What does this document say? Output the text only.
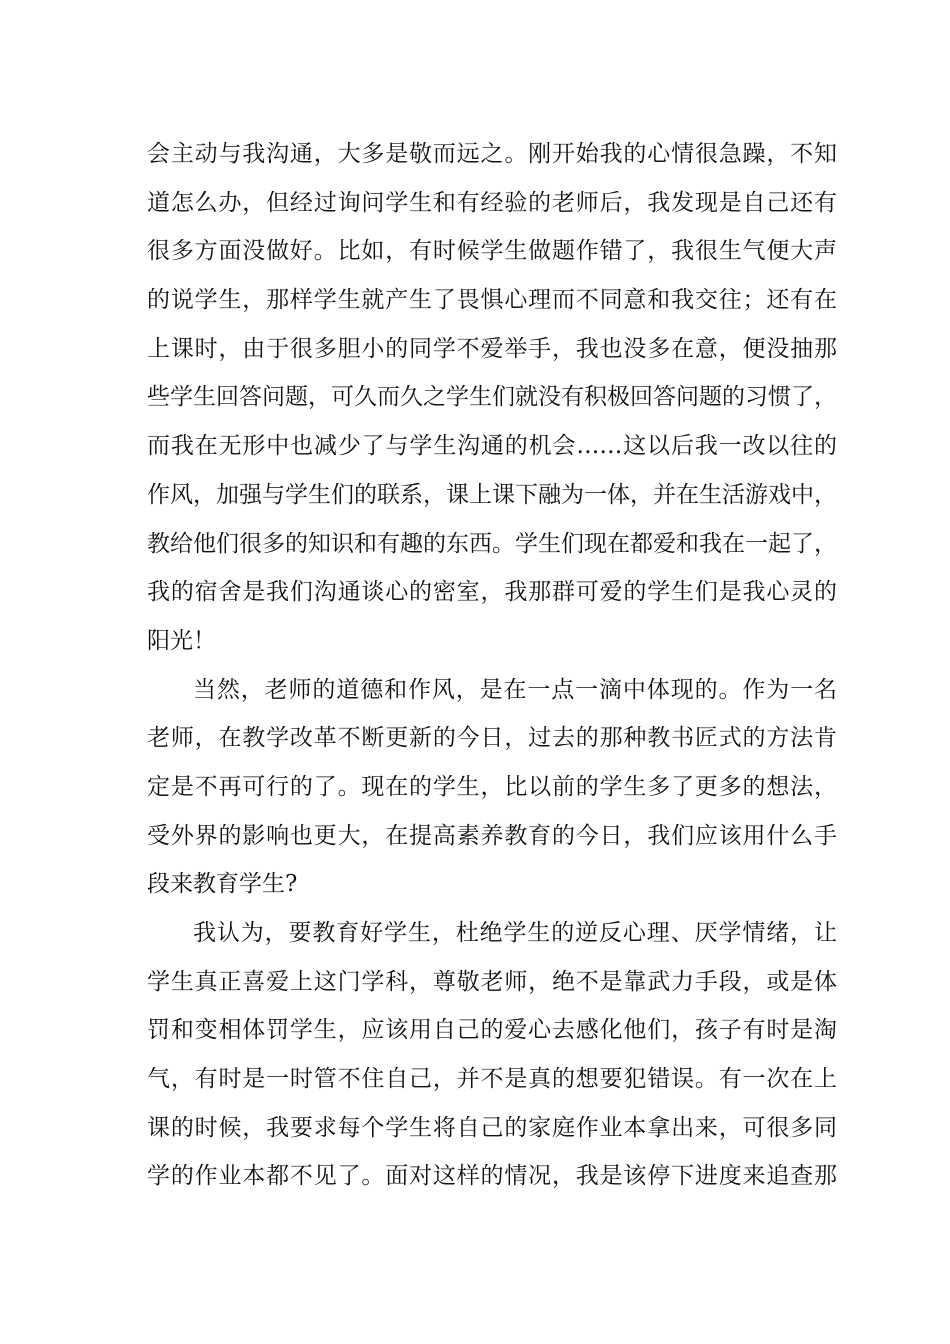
会主动与我沟通，大多是敬而远之。刚开始我的心情很急躁，不知
道怎么办，但经过询问学生和有经验的老师后，我发现是自己还有
很多方面没做好。比如，有时候学生做题作错了，我很生气便大声
的说学生，那样学生就产生了畏惧心理而不同意和我交往；还有在
上课时，由于很多胆小的同学不爱举手，我也没多在意，便没抽那
些学生回答问题，可久而久之学生们就没有积极回答问题的习惯了，
而我在无形中也减少了与学生沟通的机会……这以后我一改以往的
作风，加强与学生们的联系，课上课下融为一体，并在生活游戏中，
教给他们很多的知识和有趣的东西。学生们现在都爱和我在一起了，
我的宿舍是我们沟通谈心的密室，我那群可爱的学生们是我心灵的
阳光！
当然，老师的道德和作风，是在一点一滴中体现的。作为一名
老师，在教学改革不断更新的今日，过去的那种教书匠式的方法肯
定是不再可行的了。现在的学生，比以前的学生多了更多的想法，
受外界的影响也更大，在提高素养教育的今日，我们应该用什么手
段来教育学生?
我认为，要教育好学生，杜绝学生的逆反心理、厌学情绪，让
学生真正喜爱上这门学科，尊敬老师，绝不是靠武力手段，或是体
罚和变相体罚学生，应该用自己的爱心去感化他们，孩子有时是淘
气，有时是一时管不住自己，并不是真的想要犯错误。有一次在上
课的时候，我要求每个学生将自己的家庭作业本拿出来，可很多同
学的作业本都不见了。面对这样的情况，我是该停下进度来追查那
